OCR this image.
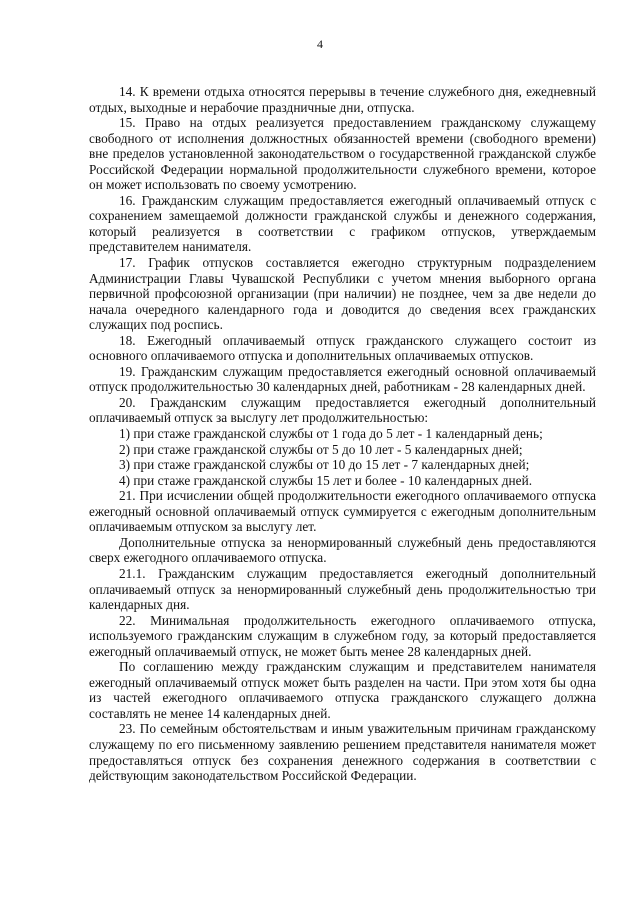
4

14. К времени отдыха относятся перерывы в течение служебного дня, ежедневный отдых, выходные и нерабочие праздничные дни, отпуска.

15. Право на отдых реализуется предоставлением гражданскому служащему свободного от исполнения должностных обязанностей времени (свободного времени) вне пределов установленной законодательством о государственной гражданской службе Российской Федерации нормальной продолжительности служебного времени, которое он может использовать по своему усмотрению.

16. Гражданским служащим предоставляется ежегодный оплачиваемый отпуск с сохранением замещаемой должности гражданской службы и денежного содержания, который реализуется в соответствии с графиком отпусков, утверждаемым представителем нанимателя.

17. График отпусков составляется ежегодно структурным подразделением Администрации Главы Чувашской Республики с учетом мнения выборного органа первичной профсоюзной организации (при наличии) не позднее, чем за две недели до начала очередного календарного года и доводится до сведения всех гражданских служащих под роспись.

18. Ежегодный оплачиваемый отпуск гражданского служащего состоит из основного оплачиваемого отпуска и дополнительных оплачиваемых отпусков.

19. Гражданским служащим предоставляется ежегодный основной оплачиваемый отпуск продолжительностью 30 календарных дней, работникам - 28 календарных дней.

20. Гражданским служащим предоставляется ежегодный дополнительный оплачиваемый отпуск за выслугу лет продолжительностью:

1) при стаже гражданской службы от 1 года до 5 лет - 1 календарный день;

2) при стаже гражданской службы от 5 до 10 лет - 5 календарных дней;

3) при стаже гражданской службы от 10 до 15 лет - 7 календарных дней;

4) при стаже гражданской службы 15 лет и более - 10 календарных дней.

21. При исчислении общей продолжительности ежегодного оплачиваемого отпуска ежегодный основной оплачиваемый отпуск суммируется с ежегодным дополнительным оплачиваемым отпуском за выслугу лет.

Дополнительные отпуска за ненормированный служебный день предоставляются сверх ежегодного оплачиваемого отпуска.

21.1. Гражданским служащим предоставляется ежегодный дополнительный оплачиваемый отпуск за ненормированный служебный день продолжительностью три календарных дня.

22. Минимальная продолжительность ежегодного оплачиваемого отпуска, используемого гражданским служащим в служебном году, за который предоставляется ежегодный оплачиваемый отпуск, не может быть менее 28 календарных дней.

По соглашению между гражданским служащим и представителем нанимателя ежегодный оплачиваемый отпуск может быть разделен на части. При этом хотя бы одна из частей ежегодного оплачиваемого отпуска гражданского служащего должна составлять не менее 14 календарных дней.

23. По семейным обстоятельствам и иным уважительным причинам гражданскому служащему по его письменному заявлению решением представителя нанимателя может предоставляться отпуск без сохранения денежного содержания в соответствии с действующим законодательством Российской Федерации.
